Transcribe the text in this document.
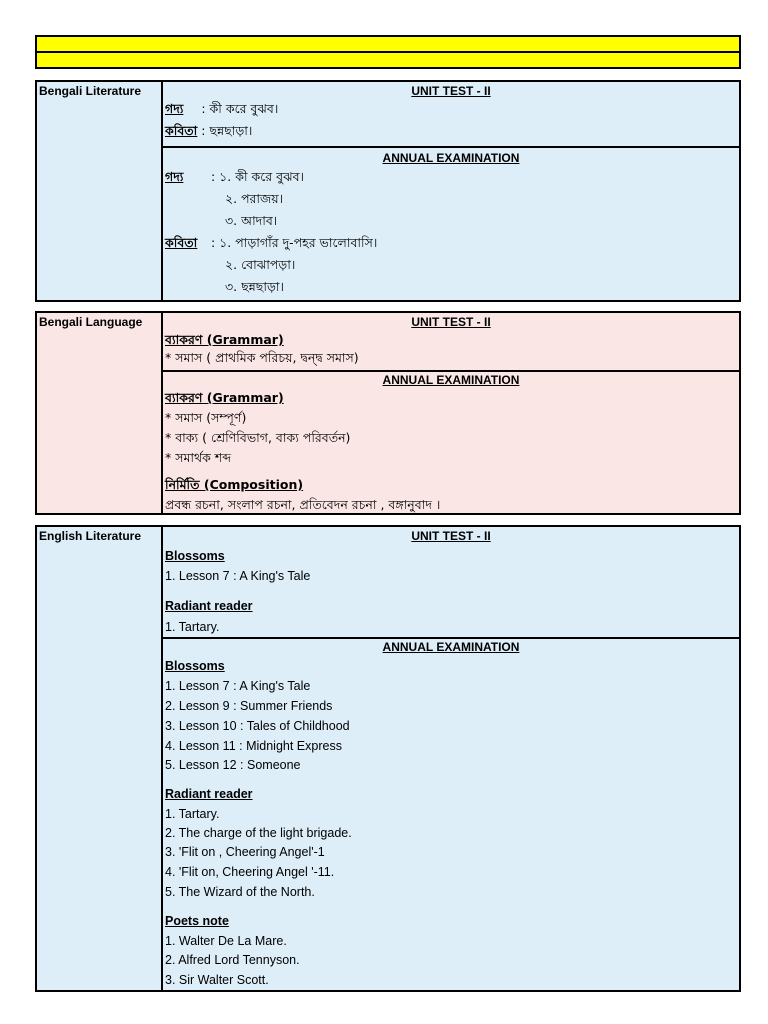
Bengali Literature	UNIT TEST - II
গদ্য : কী করে বুঝব।
কবিতা : ছন্নছাড়া।
ANNUAL EXAMINATION
গদ্য : ১. কী করে বুঝব।
২. পরাজয়।
৩. আদাব।
কবিতা : ১. পাড়াগাঁর দু-পহর ভালোবাসি।
২. বোঝাপড়া।
৩. ছন্নছাড়া।
Bengali Language	UNIT TEST - II
ব্যাকরণ (Grammar)
* সমাস ( প্রাথমিক পরিচয়, দ্বন্দ্ব সমাস)
ANNUAL EXAMINATION
ব্যাকরণ (Grammar)
* সমাস (সম্পূর্ণ)
* বাক্য ( শ্রেণিবিভাগ, বাক্য পরিবর্তন)
* সমার্থক শব্দ
নির্মিতি (Composition)
প্রবন্ধ রচনা, সংলাপ রচনা, প্রতিবেদন রচনা , বঙ্গানুবাদ ।
English Literature	UNIT TEST - II
Blossoms
1. Lesson 7 : A King's Tale
Radiant reader
1. Tartary.
ANNUAL EXAMINATION
Blossoms
1. Lesson 7 : A King's Tale
2. Lesson 9 : Summer Friends
3. Lesson 10 : Tales of Childhood
4. Lesson 11 : Midnight Express
5. Lesson 12 : Someone
Radiant reader
1. Tartary.
2. The charge of the light brigade.
3. 'Flit on , Cheering Angel'-1
4. 'Flit on, Cheering Angel '-11.
5. The Wizard of the North.
Poets note
1. Walter De La Mare.
2. Alfred Lord Tennyson.
3. Sir Walter Scott.
